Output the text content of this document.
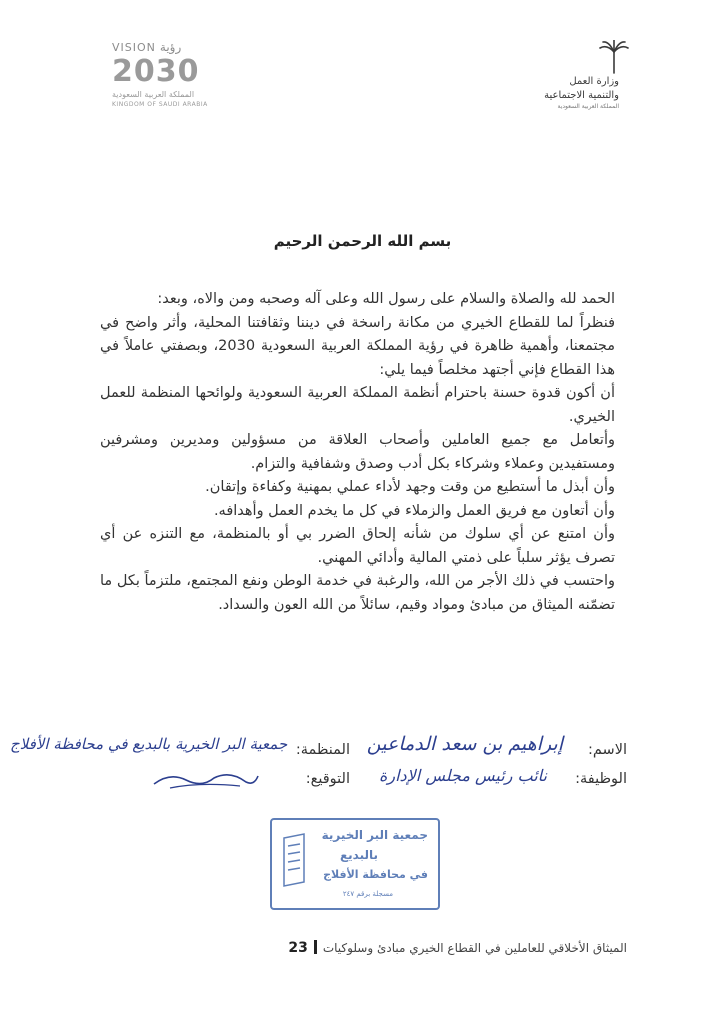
وزارة العمل
والتنمية الاجتماعية
المملكة العربية السعودية
VISION رؤية
2030
المملكة العربية السعودية
KINGDOM OF SAUDI ARABIA
بسم الله الرحمن الرحيم

الحمد لله والصلاة والسلام على رسول الله وعلى آله وصحبه ومن والاه، وبعد:

فنظراً لما للقطاع الخيري من مكانة راسخة في ديننا وثقافتنا المحلية، وأثر واضح في مجتمعنا، وأهمية ظاهرة في رؤية المملكة العربية السعودية 2030، وبصفتي عاملاً في هذا القطاع فإني أجتهد مخلصاً فيما يلي:

أن أكون قدوة حسنة باحترام أنظمة المملكة العربية السعودية ولوائحها المنظمة للعمل الخيري.

وأتعامل مع جميع العاملين وأصحاب العلاقة من مسؤولين ومديرين ومشرفين ومستفيدين وعملاء وشركاء بكل أدب وصدق وشفافية والتزام.

وأن أبذل ما أستطيع من وقت وجهد لأداء عملي بمهنية وكفاءة وإتقان.

وأن أتعاون مع فريق العمل والزملاء في كل ما يخدم العمل وأهدافه.

وأن امتنع عن أي سلوك من شأنه إلحاق الضرر بي أو بالمنظمة، مع التنزه عن أي تصرف يؤثر سلباً على ذمتي المالية وأدائي المهني.

واحتسب في ذلك الأجر من الله، والرغبة في خدمة الوطن ونفع المجتمع، ملتزماً بكل ما تضمّنه الميثاق من مبادئ ومواد وقيم، سائلاً من الله العون والسداد.

الاسم:
إبراهيم بن سعد الدماعين
المنظمة:
جمعية البر الخيرية بالبديع في محافظة الأفلاج
الوظيفة:
نائب رئيس مجلس الإدارة
التوقيع:
جمعية البر الخيرية
بالبديع
في محافظة الأفلاج
مسجلة برقم ٢٤٧
الميثاق الأخلاقي للعاملين في القطاع الخيري مبادئ وسلوكيات23
